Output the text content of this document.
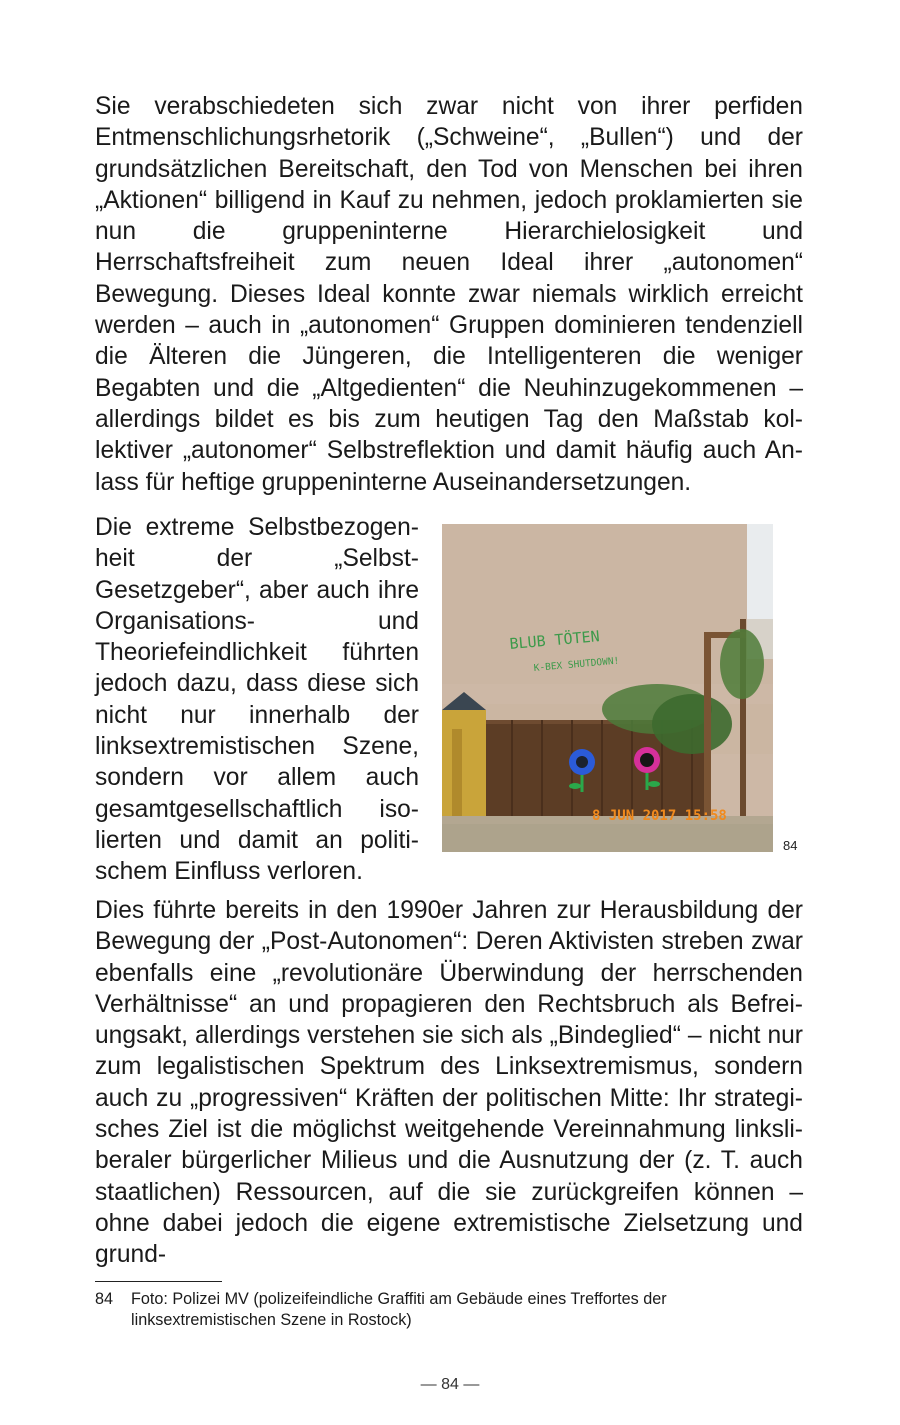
Sie verabschiedeten sich zwar nicht von ihrer perfiden Entmenschlichungsrhetorik („Schweine“, „Bullen“) und der grundsätzlichen Bereitschaft, den Tod von Menschen bei ihren „Aktionen“ billigend in Kauf zu nehmen, jedoch proklamierten sie nun die gruppeninterne Hierarchielosigkeit und Herrschaftsfreiheit zum neuen Ideal ihrer „autonomen“ Bewegung. Dieses Ideal konnte zwar niemals wirklich erreicht werden – auch in „autonomen“ Gruppen dominieren tendenziell die Älteren die Jüngeren, die Intelligenteren die weniger Begabten und die „Altgedienten“ die Neuhinzugekommenen – allerdings bildet es bis zum heutigen Tag den Maßstab kollektiver „autonomer“ Selbstreflektion und damit häufig auch Anlass für heftige gruppeninterne Auseinandersetzungen.

Die extreme Selbstbezogenheit der „Selbst-Gesetzgeber“, aber auch ihre Organisations- und Theoriefeindlichkeit führten jedoch dazu, dass diese sich nicht nur innerhalb der linksextremistischen Szene, sondern vor allem auch gesamtgesellschaftlich isolierten und damit an politischem Einfluss verloren.

BLUB TÖTEN
K-BEX SHUTDOWN!
8 JUN 2017 15:58
84

Dies führte bereits in den 1990er Jahren zur Herausbildung der Bewegung der „Post-Autonomen“: Deren Aktivisten streben zwar ebenfalls eine „revolutionäre Überwindung der herrschenden Verhältnisse“ an und propagieren den Rechtsbruch als Befreiungsakt, allerdings verstehen sie sich als „Bindeglied“ – nicht nur zum legalistischen Spektrum des Linksextremismus, sondern auch zu „progressiven“ Kräften der politischen Mitte: Ihr strategisches Ziel ist die möglichst weitgehende Vereinnahmung linksliberaler bürgerlicher Milieus und die Ausnutzung der (z. T. auch staatlichen) Ressourcen, auf die sie zurückgreifen können – ohne dabei jedoch die eigene extremistische Zielsetzung und grund-

84 Foto: Polizei MV (polizeifeindliche Graffiti am Gebäude eines Treffortes der linksextremistischen Szene in Rostock)
— 84 —
